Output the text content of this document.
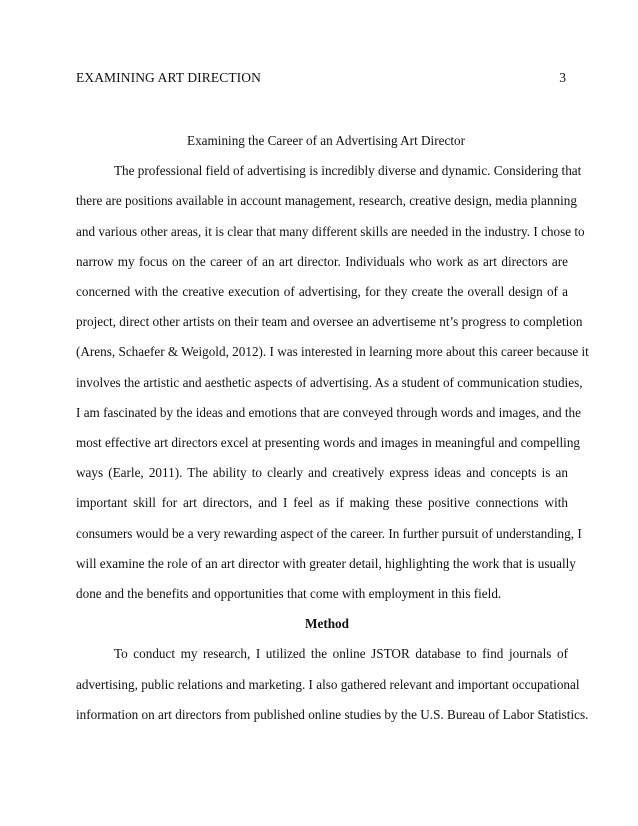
EXAMINING ART DIRECTION	3
Examining the Career of an Advertising Art Director
The professional field of advertising is incredibly diverse and dynamic. Considering that
there are positions available in account management, research, creative design, media planning
and various other areas, it is clear that many different skills are needed in the industry. I chose to
narrow my focus on the career of an art director. Individuals who work as art directors are
concerned with the creative execution of advertising, for they create the overall design of a
project, direct other artists on their team and oversee an advertiseme nt’s progress to completion
(Arens, Schaefer & Weigold, 2012). I was interested in learning more about this career because it
involves the artistic and aesthetic aspects of advertising. As a student of communication studies,
I am fascinated by the ideas and emotions that are conveyed through words and images, and the
most effective art directors excel at presenting words and images in meaningful and compelling
ways (Earle, 2011). The ability to clearly and creatively express ideas and concepts is an
important skill for art directors, and I feel as if making these positive connections with
consumers would be a very rewarding aspect of the career. In further pursuit of understanding, I
will examine the role of an art director with greater detail, highlighting the work that is usually
done and the benefits and opportunities that come with employment in this field.
Method
To conduct my research, I utilized the online JSTOR database to find journals of
advertising, public relations and marketing. I also gathered relevant and important occupational
information on art directors from published online studies by the U.S. Bureau of Labor Statistics.
